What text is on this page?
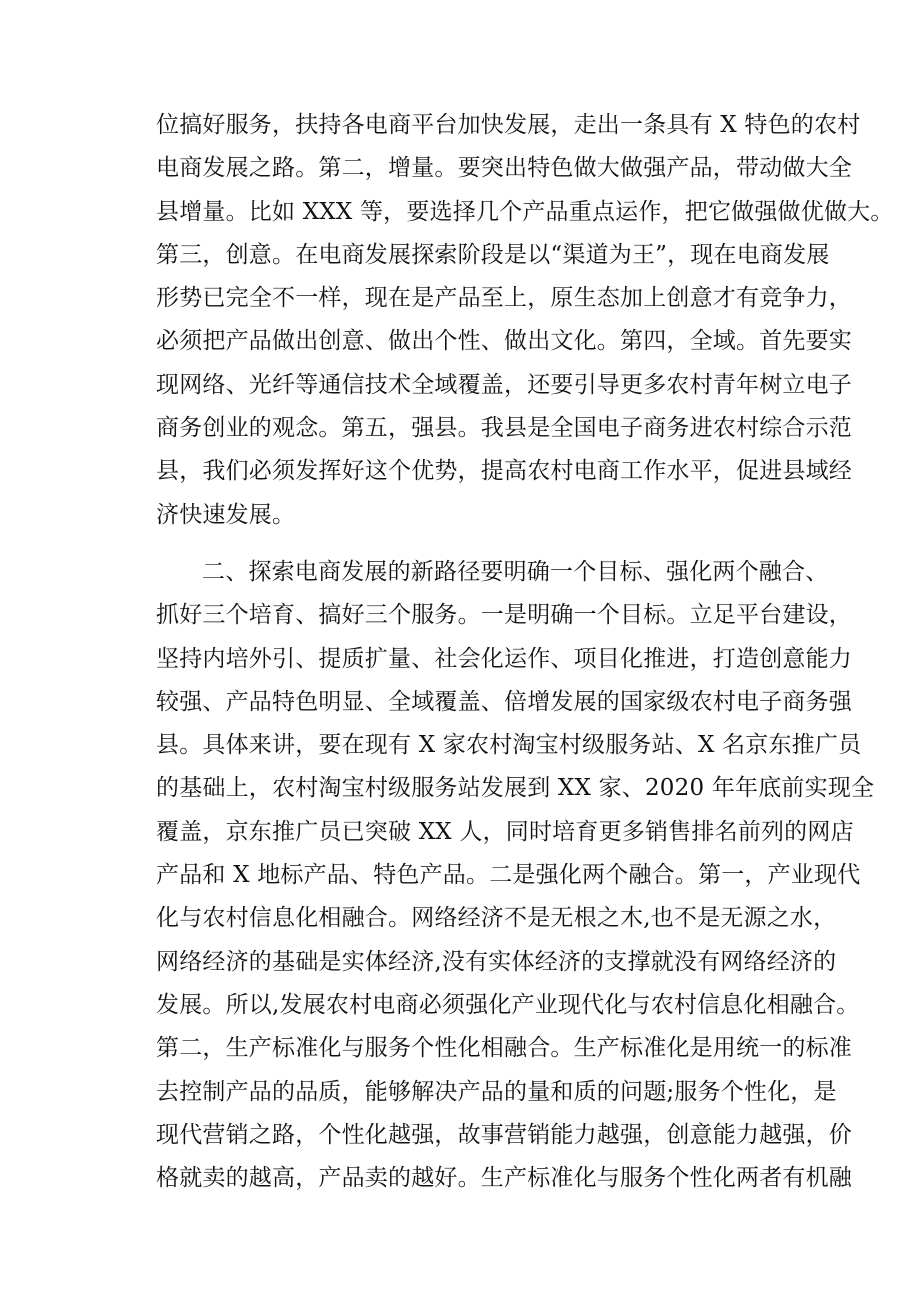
位搞好服务，扶持各电商平台加快发展，走出一条具有 X 特色的农村
电商发展之路。第二，增量。要突出特色做大做强产品，带动做大全
县增量。比如 XXX 等，要选择几个产品重点运作，把它做强做优做大。
第三，创意。在电商发展探索阶段是以“渠道为王”，现在电商发展
形势已完全不一样，现在是产品至上，原生态加上创意才有竞争力，
必须把产品做出创意、做出个性、做出文化。第四，全域。首先要实
现网络、光纤等通信技术全域覆盖，还要引导更多农村青年树立电子
商务创业的观念。第五，强县。我县是全国电子商务进农村综合示范
县，我们必须发挥好这个优势，提高农村电商工作水平，促进县域经
济快速发展。
二、探索电商发展的新路径要明确一个目标、强化两个融合、
抓好三个培育、搞好三个服务。一是明确一个目标。立足平台建设，
坚持内培外引、提质扩量、社会化运作、项目化推进，打造创意能力
较强、产品特色明显、全域覆盖、倍增发展的国家级农村电子商务强
县。具体来讲，要在现有 X 家农村淘宝村级服务站、X 名京东推广员
的基础上，农村淘宝村级服务站发展到 XX 家、2020 年年底前实现全
覆盖，京东推广员已突破 XX 人，同时培育更多销售排名前列的网店
产品和 X 地标产品、特色产品。二是强化两个融合。第一，产业现代
化与农村信息化相融合。网络经济不是无根之木,也不是无源之水，
网络经济的基础是实体经济,没有实体经济的支撑就没有网络经济的
发展。所以,发展农村电商必须强化产业现代化与农村信息化相融合。
第二，生产标准化与服务个性化相融合。生产标准化是用统一的标准
去控制产品的品质，能够解决产品的量和质的问题;服务个性化，是
现代营销之路，个性化越强，故事营销能力越强，创意能力越强，价
格就卖的越高，产品卖的越好。生产标准化与服务个性化两者有机融
